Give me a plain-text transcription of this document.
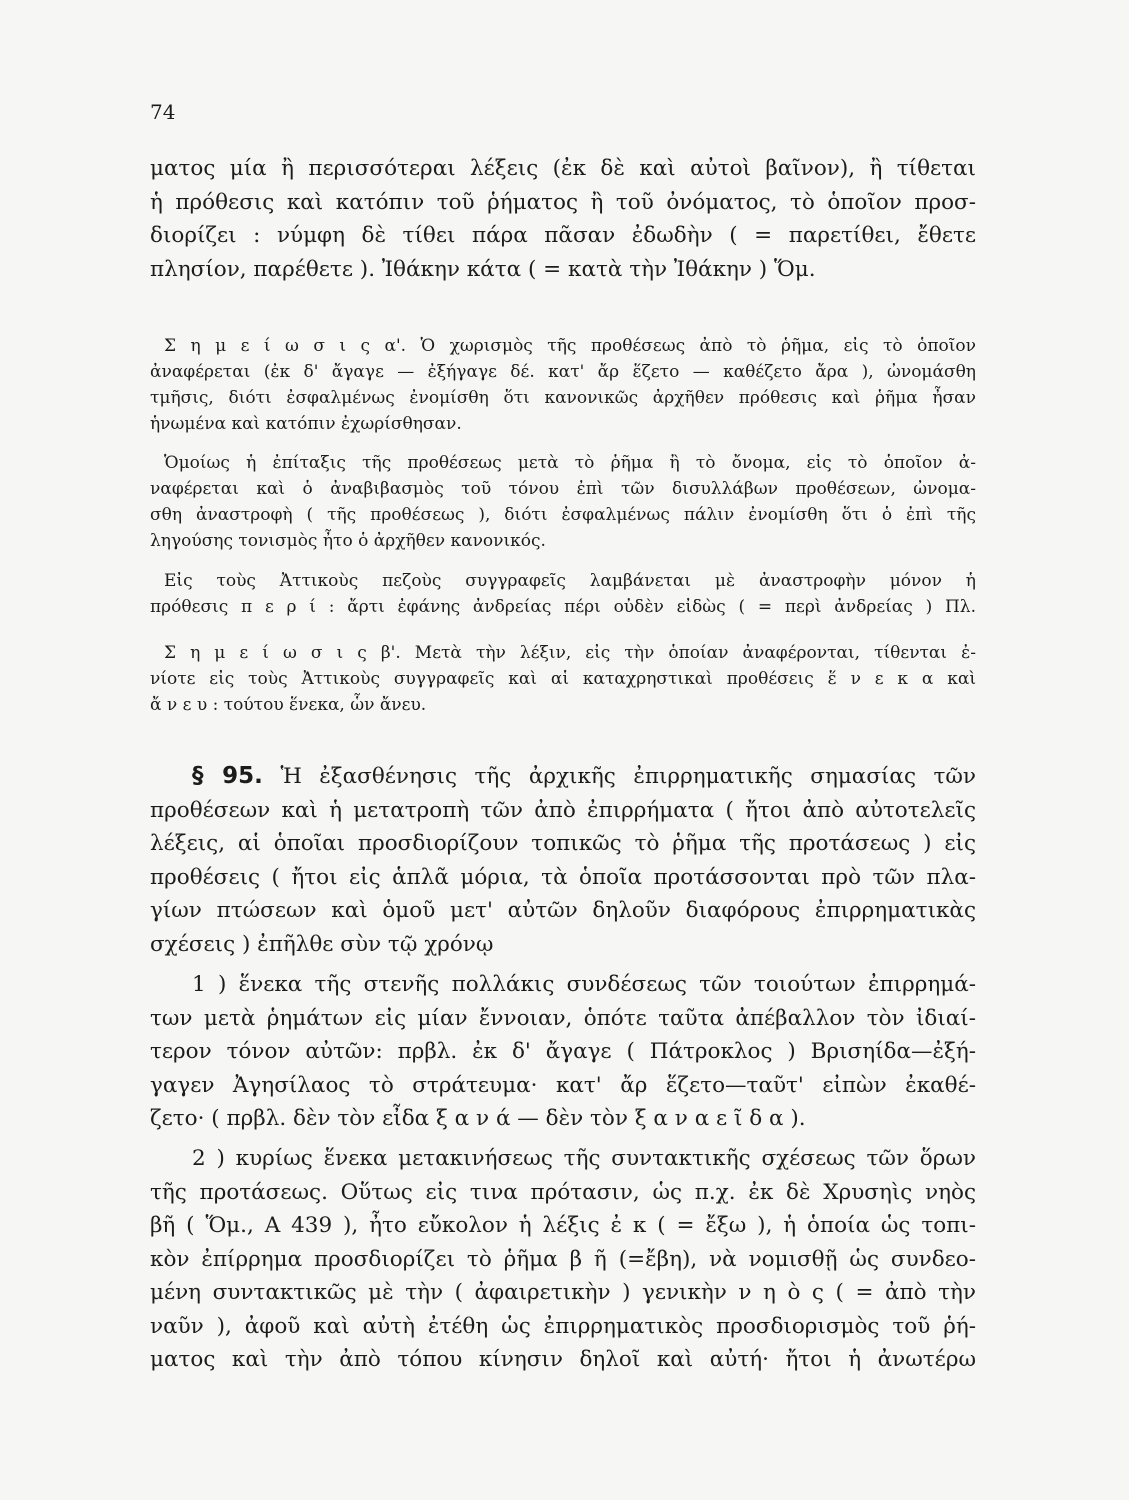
74
ματος μία ἢ περισσότεραι λέξεις (ἐκ δὲ καὶ αὐτοὶ βαῖνον), ἢ τίθεται
ἡ πρόθεσις καὶ κατόπιν τοῦ ῥήματος ἢ τοῦ ὀνόματος, τὸ ὁποῖον προσ-
διορίζει : νύμφη δὲ τίθει πάρα πᾶσαν ἐδωδὴν ( = παρετίθει, ἔθετε
πλησίον, παρέθετε ). Ἰθάκην κάτα ( = κατὰ τὴν Ἰθάκην ) Ὅμ.
Σ η μ ε ί ω σ ι ς α'. Ὁ χωρισμὸς τῆς προθέσεως ἀπὸ τὸ ῥῆμα, εἰς τὸ ὁποῖον
ἀναφέρεται (ἐκ δ' ἄγαγε — ἐξήγαγε δέ. κατ' ἄρ ἕζετο — καθέζετο ἄρα ), ὠνομάσθη
τμῆσις, διότι ἐσφαλμένως ἐνομίσθη ὅτι κανονικῶς ἀρχῆθεν πρόθεσις καὶ ῥῆμα ἦσαν
ἡνωμένα καὶ κατόπιν ἐχωρίσθησαν.
Ὁμοίως ἡ ἐπίταξις τῆς προθέσεως μετὰ τὸ ῥῆμα ἢ τὸ ὄνομα, εἰς τὸ ὁποῖον ἀ-
ναφέρεται καὶ ὁ ἀναβιβασμὸς τοῦ τόνου ἐπὶ τῶν δισυλλάβων προθέσεων, ὠνομα-
σθη ἀναστροφὴ ( τῆς προθέσεως ), διότι ἐσφαλμένως πάλιν ἐνομίσθη ὅτι ὁ ἐπὶ τῆς
ληγούσης τονισμὸς ἦτο ὁ ἀρχῆθεν κανονικός.
Εἰς τοὺς Ἀττικοὺς πεζοὺς συγγραφεῖς λαμβάνεται μὲ ἀναστροφὴν μόνον ἡ
πρόθεσις π ε ρ ί : ἄρτι ἐφάνης ἀνδρείας πέρι οὐδὲν εἰδὼς ( = περὶ ἀνδρείας ) Πλ.
Σ η μ ε ί ω σ ι ς β'. Μετὰ τὴν λέξιν, εἰς τὴν ὁποίαν ἀναφέρονται, τίθενται ἐ-
νίοτε εἰς τοὺς Ἀττικοὺς συγγραφεῖς καὶ αἱ καταχρηστικαὶ προθέσεις ἕ ν ε κ α καὶ
ἄ ν ε υ : τούτου ἕνεκα, ὧν ἄνευ.
§ 95. Ἡ ἐξασθένησις τῆς ἀρχικῆς ἐπιρρηματικῆς σημασίας τῶν
προθέσεων καὶ ἡ μετατροπὴ τῶν ἀπὸ ἐπιρρήματα ( ἤτοι ἀπὸ αὐτοτελεῖς
λέξεις, αἱ ὁποῖαι προσδιορίζουν τοπικῶς τὸ ῥῆμα τῆς προτάσεως ) εἰς
προθέσεις ( ἤτοι εἰς ἁπλᾶ μόρια, τὰ ὁποῖα προτάσσονται πρὸ τῶν πλα-
γίων πτώσεων καὶ ὁμοῦ μετ' αὐτῶν δηλοῦν διαφόρους ἐπιρρηματικὰς
σχέσεις ) ἐπῆλθε σὺν τῷ χρόνῳ
1 ) ἕνεκα τῆς στενῆς πολλάκις συνδέσεως τῶν τοιούτων ἐπιρρημά-
των μετὰ ῥημάτων εἰς μίαν ἔννοιαν, ὁπότε ταῦτα ἀπέβαλλον τὸν ἰδιαί-
τερον τόνον αὐτῶν: πρβλ. ἐκ δ' ἄγαγε ( Πάτροκλος ) Βρισηίδα—ἐξή-
γαγεν Ἀγησίλαος τὸ στράτευμα· κατ' ἄρ ἕζετο—ταῦτ' εἰπὼν ἐκαθέ-
ζετο· ( πρβλ. δὲν τὸν εἶδα ξ α ν ά — δὲν τὸν ξ α ν α ε ῖ δ α ).
2 ) κυρίως ἕνεκα μετακινήσεως τῆς συντακτικῆς σχέσεως τῶν ὅρων
τῆς προτάσεως. Οὕτως εἰς τινα πρότασιν, ὡς π.χ. ἐκ δὲ Χρυσηὶς νηὸς
βῆ ( Ὅμ., Α 439 ), ἦτο εὔκολον ἡ λέξις ἐ κ ( = ἔξω ), ἡ ὁποία ὡς τοπι-
κὸν ἐπίρρημα προσδιορίζει τὸ ῥῆμα β ῆ (=ἔβη), νὰ νομισθῇ ὡς συνδεο-
μένη συντακτικῶς μὲ τὴν ( ἀφαιρετικὴν ) γενικὴν ν η ὸ ς ( = ἀπὸ τὴν
ναῦν ), ἀφοῦ καὶ αὐτὴ ἐτέθη ὡς ἐπιρρηματικὸς προσδιορισμὸς τοῦ ῥή-
ματος καὶ τὴν ἀπὸ τόπου κίνησιν δηλοῖ καὶ αὐτή· ἤτοι ἡ ἀνωτέρω
